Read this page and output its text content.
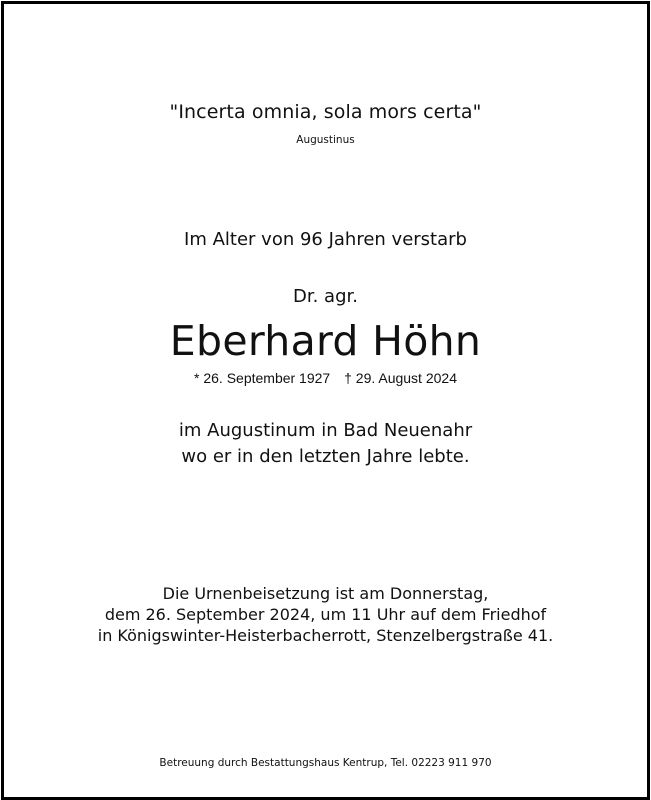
"Incerta omnia, sola mors certa"
Augustinus
Im Alter von 96 Jahren verstarb
Dr. agr.
Eberhard Höhn
* 26. September 1927 † 29. August 2024
im Augustinum in Bad Neuenahr
wo er in den letzten Jahre lebte.
Die Urnenbeisetzung ist am Donnerstag,
dem 26. September 2024, um 11 Uhr auf dem Friedhof
in Königswinter-Heisterbacherrott, Stenzelbergstraße 41.
Betreuung durch Bestattungshaus Kentrup, Tel. 02223 911 970
